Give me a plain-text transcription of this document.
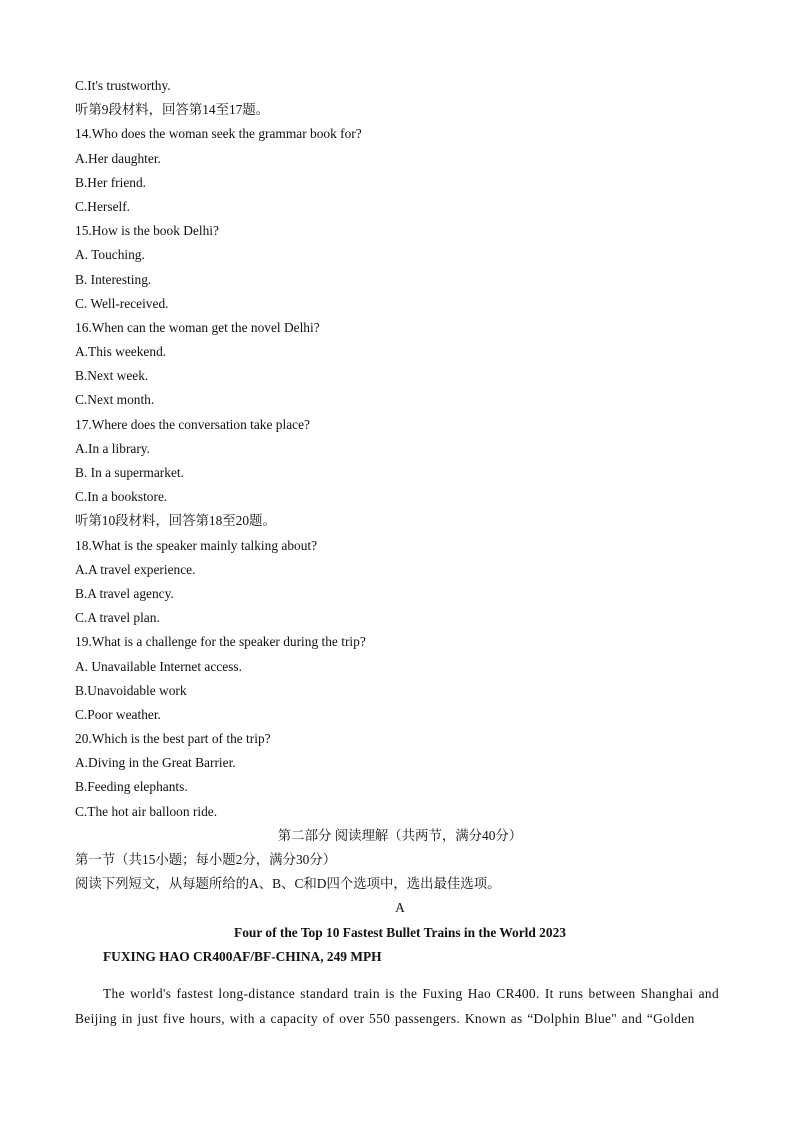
C.It's trustworthy.
听第9段材料，回答第14至17题。
14.Who does the woman seek the grammar book for?
A.Her daughter.
B.Her friend.
C.Herself.
15.How is the book Delhi?
A. Touching.
B. Interesting.
C. Well-received.
16.When can the woman get the novel Delhi?
A.This weekend.
B.Next week.
C.Next month.
17.Where does the conversation take place?
A.In a library.
B. In a supermarket.
C.In a bookstore.
听第10段材料，回答第18至20题。
18.What is the speaker mainly talking about?
A.A travel experience.
B.A travel agency.
C.A travel plan.
19.What is a challenge for the speaker during the trip?
A. Unavailable Internet access.
B.Unavoidable work
C.Poor weather.
20.Which is the best part of the trip?
A.Diving in the Great Barrier.
B.Feeding elephants.
C.The hot air balloon ride.
第二部分 阅读理解（共两节，满分40分）
第一节（共15小题；每小题2分，满分30分）
阅读下列短文，从每题所给的A、B、C和D四个选项中，选出最佳选项。
A
Four of the Top 10 Fastest Bullet Trains in the World 2023
FUXING HAO CR400AF/BF-CHINA, 249 MPH
The world's fastest long-distance standard train is the Fuxing Hao CR400. It runs between Shanghai and Beijing in just five hours, with a capacity of over 550 passengers. Known as “Dolphin Blue" and “Golden
